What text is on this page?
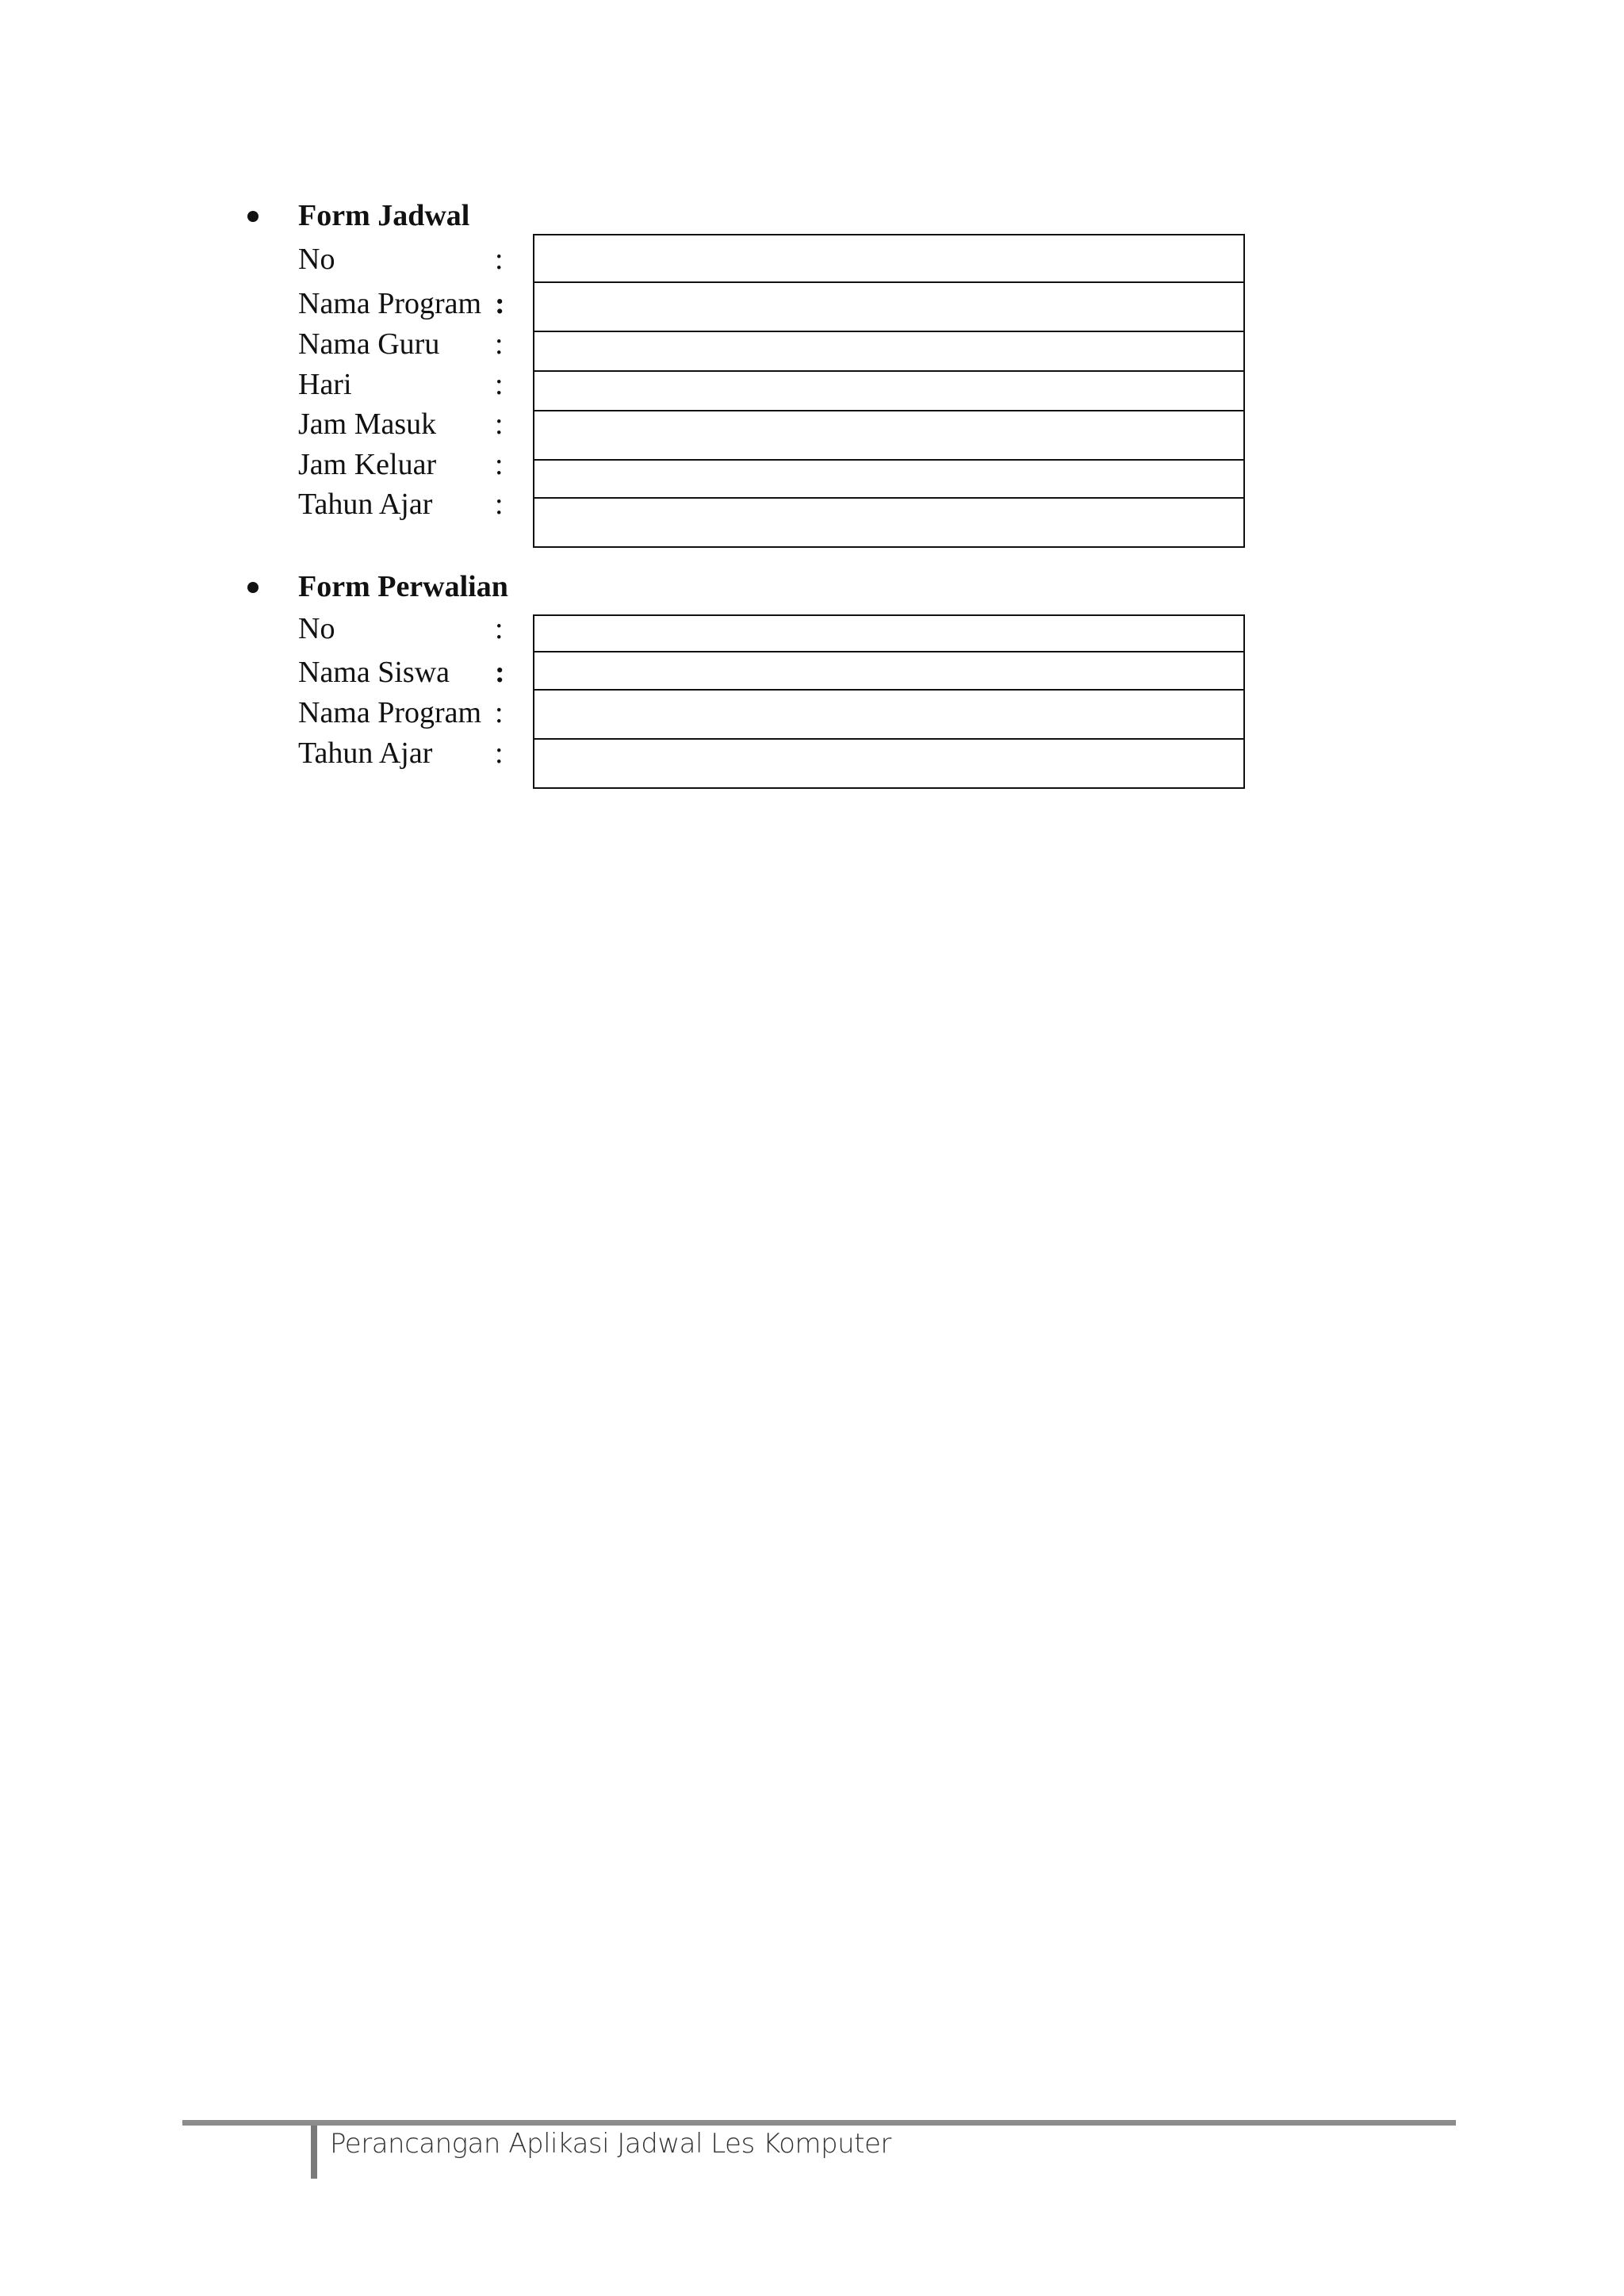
Form Jadwal
No	:
Nama Program :
Nama Guru :
Hari	:
Jam Masuk :
Jam Keluar :
Tahun Ajar :
Form Perwalian
No	:
Nama Siswa :
Nama Program :
Tahun Ajar :
Perancangan Aplikasi Jadwal Les Komputer
